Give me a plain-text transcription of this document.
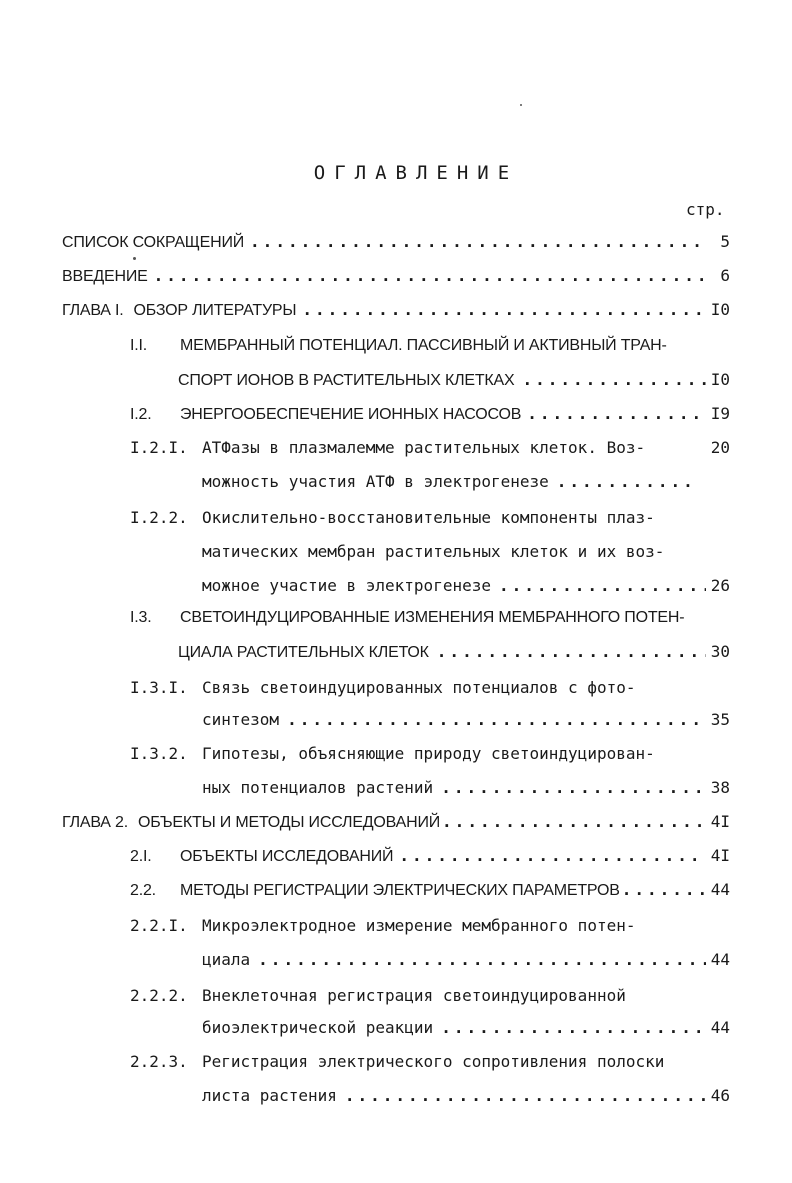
ОГЛАВЛЕНИЕ
стр.
СПИСОК СОКРАЩЕНИЙ .....	5
ВВЕДЕНИЕ .....	6
ГЛАВА I. ОБЗОР ЛИТЕРАТУРЫ .....	I0
I.I.	МЕМБРАННЫЙ ПОТЕНЦИАЛ. ПАССИВНЫЙ И АКТИВНЫЙ ТРАН-
СПОРТ ИОНОВ В РАСТИТЕЛЬНЫХ КЛЕТКАХ .....	I0
I.2.	ЭНЕРГООБЕСПЕЧЕНИЕ ИОННЫХ НАСОСОВ .....	I9
I.2.I. АТФазы в плазмалемме растительных клеток. Воз-	20
можность участия АТФ в электрогенезе
.....
I.2.2. Окислительно-восстановительные компоненты плаз-
матических мембран растительных клеток и их воз-
можное участие в электрогенезе .....	26
I.3.	СВЕТОИНДУЦИРОВАННЫЕ ИЗМЕНЕНИЯ МЕМБРАННОГО ПОТЕН-
ЦИАЛА РАСТИТЕЛЬНЫХ КЛЕТОК .....	30
I.3.I. Связь светоиндуцированных потенциалов с фото-
синтезом .....	35
I.3.2. Гипотезы, объясняющие природу светоиндуцирован-
ных потенциалов растений .....	38
ГЛАВА 2. ОБЪЕКТЫ И МЕТОДЫ ИССЛЕДОВАНИЙ .....	4I
2.I.	ОБЪЕКТЫ ИССЛЕДОВАНИЙ .....	4I
2.2.	МЕТОДЫ РЕГИСТРАЦИИ ЭЛЕКТРИЧЕСКИХ ПАРАМЕТРОВ .....	44
2.2.I. Микроэлектродное измерение мембранного потен-
циала .....	44
2.2.2. Внеклеточная регистрация светоиндуцированной
биоэлектрической реакции .....	44
2.2.3. Регистрация электрического сопротивления полоски
листа растения .....	46
